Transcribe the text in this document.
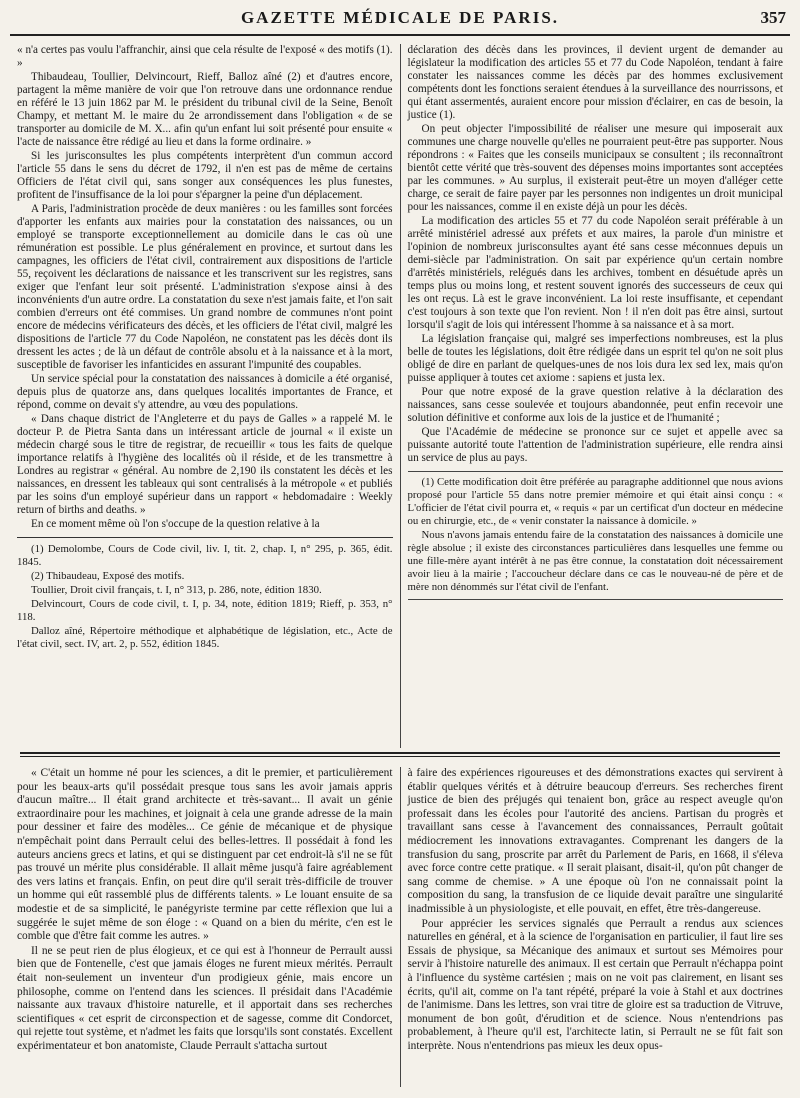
GAZETTE MÉDICALE DE PARIS.	357

« n'a certes pas voulu l'affranchir, ainsi que cela résulte de l'exposé « des motifs (1). »

Thibaudeau, Toullier, Delvincourt, Rieff, Balloz aîné (2) et d'autres encore, partagent la même manière de voir que l'on retrouve dans une ordonnance rendue en référé le 13 juin 1862 par M. le président du tribunal civil de la Seine, Benoît Champy, et mettant M. le maire du 2e arrondissement dans l'obligation « de se transporter au domicile de M. X... afin qu'un enfant lui soit présenté pour ensuite « l'acte de naissance être rédigé au lieu et dans la forme ordinaire. »

Si les jurisconsultes les plus compétents interprètent d'un commun accord l'article 55 dans le sens du décret de 1792, il n'en est pas de même de certains Officiers de l'état civil qui, sans songer aux conséquences les plus funestes, profitent de l'insuffisance de la loi pour s'épargner la peine d'un déplacement.

A Paris, l'administration procède de deux manières : ou les familles sont forcées d'apporter les enfants aux mairies pour la constatation des naissances, ou un employé se transporte exceptionnellement au domicile dans le cas où une rémunération est possible. Le plus généralement en province, et surtout dans les campagnes, les officiers de l'état civil, contrairement aux dispositions de l'article 55, reçoivent les déclarations de naissance et les transcrivent sur les registres, sans exiger que l'enfant leur soit présenté. L'administration s'expose ainsi à des inconvénients d'un autre ordre. La constatation du sexe n'est jamais faite, et l'on sait combien d'erreurs ont été commises. Un grand nombre de communes n'ont point encore de médecins vérificateurs des décès, et les officiers de l'état civil, malgré les dispositions de l'article 77 du Code Napoléon, ne constatent pas les décès dont ils dressent les actes ; de là un défaut de contrôle absolu et à la naissance et à la mort, susceptible de favoriser les infanticides en assurant l'impunité des coupables.

Un service spécial pour la constatation des naissances à domicile a été organisé, depuis plus de quatorze ans, dans quelques localités importantes de France, et répond, comme on devait s'y attendre, au vœu des populations.

« Dans chaque district de l'Angleterre et du pays de Galles » a rappelé M. le docteur P. de Pietra Santa dans un intéressant article de journal « il existe un médecin chargé sous le titre de registrar, de recueillir « tous les faits de quelque importance relatifs à l'hygiène des localités où il réside, et de les transmettre à Londres au registrar « général. Au nombre de 2,190 ils constatent les décès et les naissances, en dressent les tableaux qui sont centralisés à la métropole « et publiés par les soins d'un employé supérieur dans un rapport « hebdomadaire : Weekly return of births and deaths. »

En ce moment même où l'on s'occupe de la question relative à la

(1) Demolombe, Cours de Code civil, liv. I, tit. 2, chap. I, n° 295, p. 365, édit. 1845.

(2) Thibaudeau, Exposé des motifs.

Toullier, Droit civil français, t. I, n° 313, p. 286, note, édition 1830.

Delvincourt, Cours de code civil, t. I, p. 34, note, édition 1819; Rieff, p. 353, n° 118.

Dalloz aîné, Répertoire méthodique et alphabétique de législation, etc., Acte de l'état civil, sect. IV, art. 2, p. 552, édition 1845.

déclaration des décès dans les provinces, il devient urgent de demander au législateur la modification des articles 55 et 77 du Code Napoléon, tendant à faire constater les naissances comme les décès par des hommes exclusivement compétents dont les fonctions seraient étendues à la surveillance des nourrissons, et qui étant assermentés, auraient encore pour mission d'éclairer, en cas de besoin, la justice (1).

On peut objecter l'impossibilité de réaliser une mesure qui imposerait aux communes une charge nouvelle qu'elles ne pourraient peut-être pas supporter. Nous répondrons : « Faites que les conseils municipaux se consultent ; ils reconnaîtront bientôt cette vérité que très-souvent des dépenses moins importantes sont acceptées par les communes. » Au surplus, il existerait peut-être un moyen d'alléger cette charge, ce serait de faire payer par les personnes non indigentes un droit municipal pour les naissances, comme il en existe déjà un pour les décès.

La modification des articles 55 et 77 du code Napoléon serait préférable à un arrêté ministériel adressé aux préfets et aux maires, la parole d'un ministre et l'opinion de nombreux jurisconsultes ayant été sans cesse méconnues depuis un demi-siècle par l'administration. On sait par expérience qu'un certain nombre d'arrêtés ministériels, relégués dans les archives, tombent en désuétude après un temps plus ou moins long, et restent souvent ignorés des successeurs de ceux qui les ont reçus. Là est le grave inconvénient. La loi reste insuffisante, et cependant c'est toujours à son texte que l'on revient. Non ! il n'en doit pas être ainsi, surtout lorsqu'il s'agit de lois qui intéressent l'homme à sa naissance et à sa mort.

La législation française qui, malgré ses imperfections nombreuses, est la plus belle de toutes les législations, doit être rédigée dans un esprit tel qu'on ne soit plus obligé de dire en parlant de quelques-unes de nos lois dura lex sed lex, mais qu'on puisse appliquer à toutes cet axiome : sapiens et justa lex.

Pour que notre exposé de la grave question relative à la déclaration des naissances, sans cesse soulevée et toujours abandonnée, peut enfin recevoir une solution définitive et conforme aux lois de la justice et de l'humanité ;

Que l'Académie de médecine se prononce sur ce sujet et appelle avec sa puissante autorité toute l'attention de l'administration supérieure, elle rendra ainsi un service de plus au pays.

(1) Cette modification doit être préférée au paragraphe additionnel que nous avions proposé pour l'article 55 dans notre premier mémoire et qui était ainsi conçu : « L'officier de l'état civil pourra et, « requis « par un certificat d'un docteur en médecine ou en chirurgie, etc., de « venir constater la naissance à domicile. »

Nous n'avons jamais entendu faire de la constatation des naissances à domicile une règle absolue ; il existe des circonstances particulières dans lesquelles une femme ou une fille-mère ayant intérêt à ne pas être connue, la constatation doit nécessairement avoir lieu à la mairie ; l'accoucheur déclare dans ce cas le nouveau-né de père et de mère non dénommés sur l'état civil de l'enfant.

« C'était un homme né pour les sciences, a dit le premier, et particulièrement pour les beaux-arts qu'il possédait presque tous sans les avoir jamais appris d'aucun maître... Il était grand architecte et très-savant... Il avait un génie extraordinaire pour les machines, et joignait à cela une grande adresse de la main pour dessiner et faire des modèles... Ce génie de mécanique et de physique n'empêchait point dans Perrault celui des belles-lettres. Il possédait à fond les auteurs anciens grecs et latins, et qui se distinguent par cet endroit-là s'il ne se fût pas trouvé un mérite plus considérable. Il allait même jusqu'à faire agréablement des vers latins et français. Enfin, on peut dire qu'il serait très-difficile de trouver un homme qui eût rassemblé plus de différents talents. » Le louant ensuite de sa modestie et de sa simplicité, le panégyriste termine par cette réflexion que lui a suggérée le sujet même de son éloge : « Quand on a bien du mérite, c'en est le comble que d'être fait comme les autres. »

Il ne se peut rien de plus élogieux, et ce qui est à l'honneur de Perrault aussi bien que de Fontenelle, c'est que jamais éloges ne furent mieux mérités. Perrault était non-seulement un inventeur d'un prodigieux génie, mais encore un philosophe, comme on l'entend dans les sciences. Il présidait dans l'Académie naissante aux travaux d'histoire naturelle, et il apportait dans ses recherches scientifiques « cet esprit de circonspection et de sagesse, comme dit Condorcet, qui rejette tout système, et n'admet les faits que lorsqu'ils sont constatés. Excellent expérimentateur et bon anatomiste, Claude Perrault s'attacha surtout

à faire des expériences rigoureuses et des démonstrations exactes qui servirent à établir quelques vérités et à détruire beaucoup d'erreurs. Ses recherches firent justice de bien des préjugés qui tenaient bon, grâce au respect aveugle qu'on professait dans les écoles pour l'autorité des anciens. Partisan du progrès et travaillant sans cesse à l'avancement des connaissances, Perrault goûtait médiocrement les innovations extravagantes. Comprenant les dangers de la transfusion du sang, proscrite par arrêt du Parlement de Paris, en 1668, il s'éleva avec force contre cette pratique. « Il serait plaisant, disait-il, qu'on pût changer de sang comme de chemise. » A une époque où l'on ne connaissait point la composition du sang, la transfusion de ce liquide devait paraître une singularité inadmissible à un physiologiste, et elle pouvait, en effet, être très-dangereuse.

Pour apprécier les services signalés que Perrault a rendus aux sciences naturelles en général, et à la science de l'organisation en particulier, il faut lire ses Essais de physique, sa Mécanique des animaux et surtout ses Mémoires pour servir à l'histoire naturelle des animaux. Il est certain que Perrault n'échappa point à l'influence du système cartésien ; mais on ne voit pas clairement, en lisant ses écrits, qu'il ait, comme on l'a tant répété, préparé la voie à Stahl et aux doctrines de l'animisme. Dans les lettres, son vrai titre de gloire est sa traduction de Vitruve, monument de bon goût, d'érudition et de science. Nous n'entendrions pas probablement, à l'heure qu'il est, l'architecte latin, si Perrault ne se fût fait son interprète. Nous n'entendrions pas mieux les deux opus-
